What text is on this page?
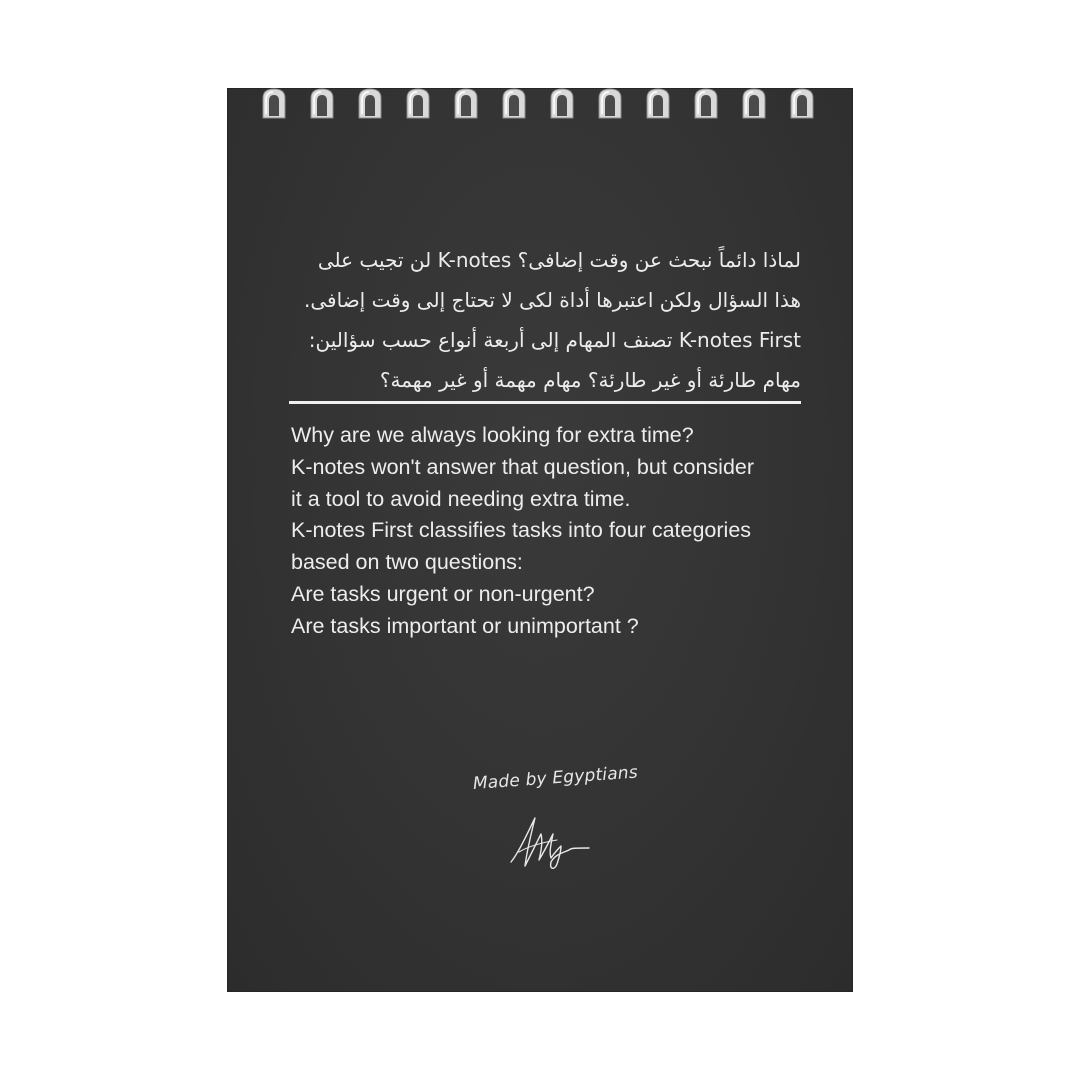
لماذا دائماً نبحث عن وقت إضافى؟ K-notes لن تجيب على
هذا السؤال ولكن اعتبرها أداة لكى لا تحتاج إلى وقت إضافى.
K-notes First تصنف المهام إلى أربعة أنواع حسب سؤالين:
مهام طارئة أو غير طارئة؟ مهام مهمة أو غير مهمة؟
Why are we always looking for extra time?
K-notes won't answer that question, but consider
it a tool to avoid needing extra time.
K-notes First classifies tasks into four categories
based on two questions:
Are tasks urgent or non-urgent?
Are tasks important or unimportant ?
Made by Egyptians
